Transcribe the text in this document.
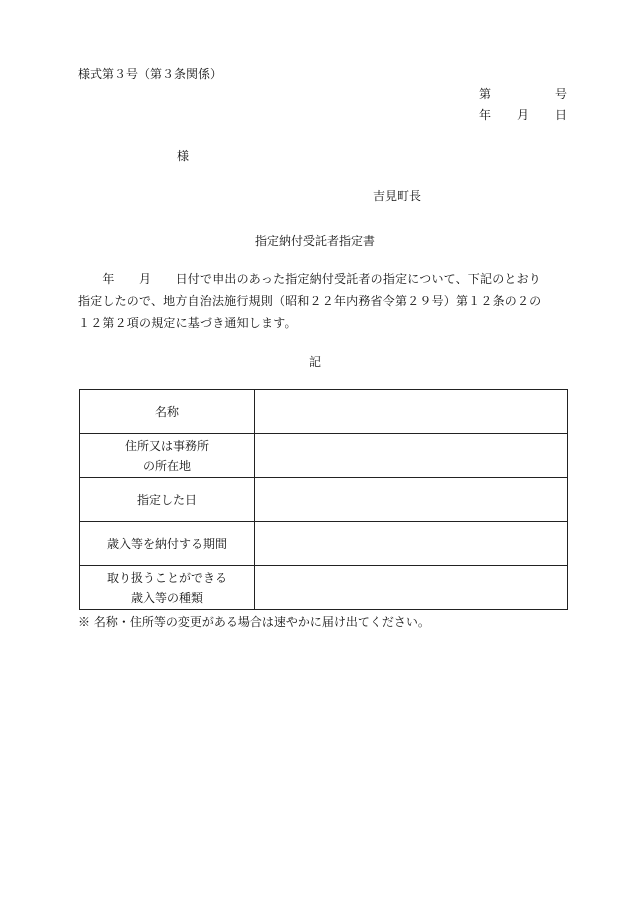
様式第３号（第３条関係）
第	号
年 月 日
様
吉見町長
指定納付受託者指定書
　　年　　月　　日付で申出のあった指定納付受託者の指定について、下記のとおり
指定したので、地方自治法施行規則（昭和２２年内務省令第２９号）第１２条の２の
１２第２項の規定に基づき通知します。
記
名称	

住所又は事務所
の所在地	

指定した日	

歳入等を納付する期間	

取り扱うことができる
歳入等の種類	

※ 名称・住所等の変更がある場合は速やかに届け出てください。
